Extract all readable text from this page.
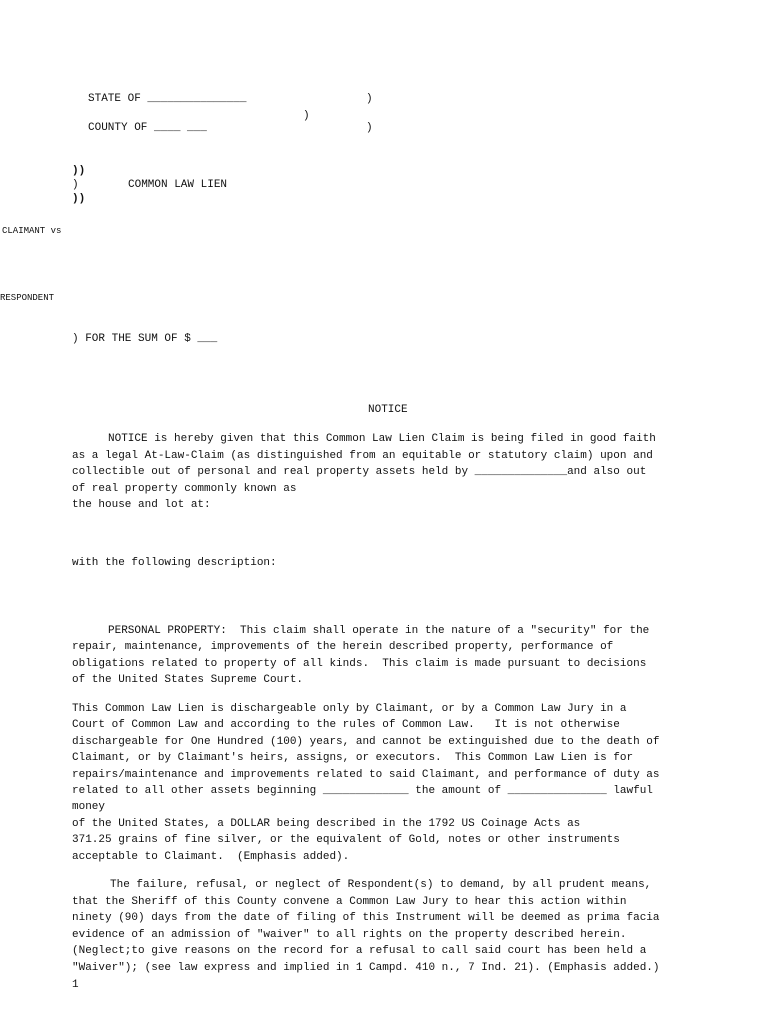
STATE OF _______________	)
)
COUNTY OF ____ ___	)
))
)	COMMON LAW LIEN
))
CLAIMANT vs
RESPONDENT
) FOR THE SUM OF $ ___
NOTICE
NOTICE is hereby given that this Common Law Lien Claim is being filed in good faith
as a legal At-Law-Claim (as distinguished from an equitable or statutory claim) upon and
collectible out of personal and real property assets held by ______________and also out
of real property commonly known as
the house and lot at:
with the following description:
PERSONAL PROPERTY:  This claim shall operate in the nature of a "security" for the
repair, maintenance, improvements of the herein described property, performance of
obligations related to property of all kinds.  This claim is made pursuant to decisions
of the United States Supreme Court.
This Common Law Lien is dischargeable only by Claimant, or by a Common Law Jury in a
Court of Common Law and according to the rules of Common Law.   It is not otherwise
dischargeable for One Hundred (100) years, and cannot be extinguished due to the death of
Claimant, or by Claimant's heirs, assigns, or executors.  This Common Law Lien is for
repairs/maintenance and improvements related to said Claimant, and performance of duty as
related to all other assets beginning _____________ the amount of _______________ lawful
money
of the United States, a DOLLAR being described in the 1792 US Coinage Acts as
371.25 grains of fine silver, or the equivalent of Gold, notes or other instruments
acceptable to Claimant.  (Emphasis added).
The failure, refusal, or neglect of Respondent(s) to demand, by all prudent means,
that the Sheriff of this County convene a Common Law Jury to hear this action within
ninety (90) days from the date of filing of this Instrument will be deemed as prima facia
evidence of an admission of "waiver" to all rights on the property described herein.
(Neglect;to give reasons on the record for a refusal to call said court has been held a
"Waiver"); (see law express and implied in 1 Campd. 410 n., 7 Ind. 21). (Emphasis added.)
1
